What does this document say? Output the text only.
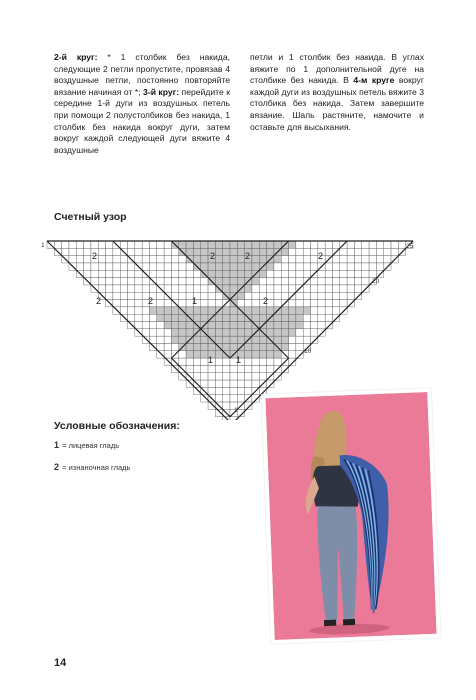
2-й круг: * 1 столбик без накида, следующие 2 петли пропустите, провязав 4 воздушные петли, постоянно повторяйте вязание начиная от *; 3-й круг: перейдите к середине 1-й дуги из воздушных петель при помощи 2 полустолбиков без накида, 1 столбик без накида вокруг дуги, затем вокруг каждой следующей дуги вяжите 4 воздушные
петли и 1 столбик без накида. В углах вяжите по 1 дополнительной дуге на столбике без накида. В 4-м круге вокруг каждой дуги из воздушных петель вяжите 3 столбика без накида. Затем завершите вязание. Шаль растяните, намочите и оставьте для высыхания.
Счетный узор
2	2	2	2
1
2	2
1	1
2
1
10
20
25
1
Условные обозначения:
1 = лицевая гладь
2 = изнаночная гладь
14
